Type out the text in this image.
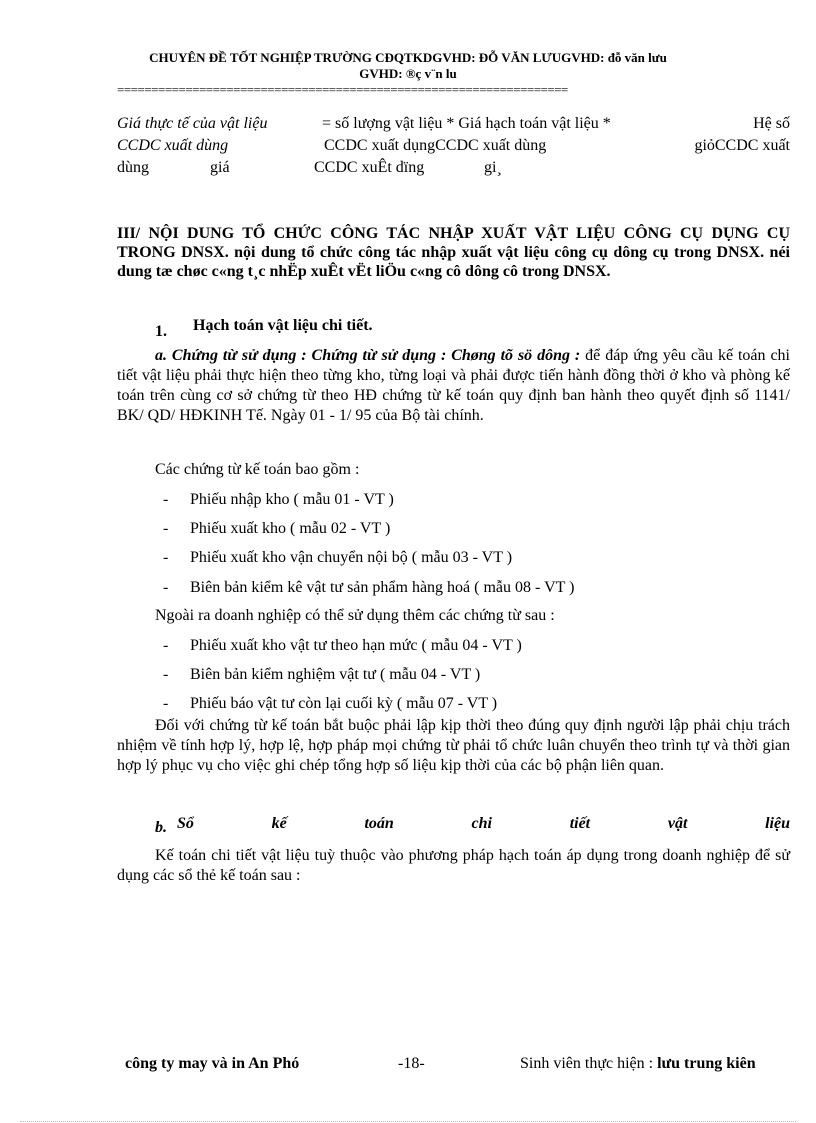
CHUYÊN ĐỀ TỐT NGHIỆP TRƯỜNG CĐQTKDGVHD: ĐỖ VĂN LƯUGVHD: đỗ văn lưu
GVHD: ®ç v¨n lu
==================================================================
Giá thực tế của vật liệu	= số lượng vật liệu * Giá hạch toán vật liệu *	Hệ số
CCDC xuất dùng	CCDC xuất dụngCCDC xuất dùng	giỏCCDC xuất
dùng	giá	CCDC xuÊt dïng	gi¸
III/ NỘI DUNG TỔ CHỨC CÔNG TÁC NHẬP XUẤT VẬT LIỆU CÔNG CỤ DỤNG CỤ TRONG DNSX. nội dung tổ chức công tác nhập xuất vật liệu công cụ dông cụ trong DNSX. néi dung tæ chøc c«ng t¸c nhËp xuÊt vËt liÖu c«ng cô dông cô trong DNSX.
1. Hạch toán vật liệu chi tiết.
a. Chứng từ sử dụng : Chứng từ sử dụng : Chøng tõ sö dông : để đáp ứng yêu cầu kế toán chi tiết vật liệu phải thực hiện theo từng kho, từng loại và phải được tiến hành đồng thời ở kho và phòng kế toán trên cùng cơ sở chứng từ theo HĐ chứng từ kế toán quy định ban hành theo quyết định số 1141/ BK/ QD/ HĐKINH Tế. Ngày 01 - 1/ 95 của Bộ tài chính.
Các chứng từ kế toán bao gồm :
- Phiếu nhập kho ( mẫu 01 - VT )
- Phiếu xuất kho ( mẫu 02 - VT )
- Phiếu xuất kho vận chuyển nội bộ ( mẫu 03 - VT )
- Biên bản kiểm kê vật tư sản phẩm hàng hoá ( mẫu 08 - VT )
Ngoài ra doanh nghiệp có thể sử dụng thêm các chứng từ sau :
- Phiếu xuất kho vật tư theo hạn mức ( mẫu 04 - VT )
- Biên bản kiểm nghiệm vật tư ( mẫu 04 - VT )
- Phiếu báo vật tư còn lại cuối kỳ ( mẫu 07 - VT )
Đối với chứng từ kế toán bắt buộc phải lập kịp thời theo đúng quy định người lập phải chịu trách nhiệm về tính hợp lý, hợp lệ, hợp pháp mọi chứng từ phải tổ chức luân chuyển theo trình tự và thời gian hợp lý phục vụ cho việc ghi chép tổng hợp số liệu kịp thời của các bộ phận liên quan.
b. Sổ	kế	toán	chi	tiết	vật	liệu
Kế toán chi tiết vật liệu tuỳ thuộc vào phương pháp hạch toán áp dụng trong doanh nghiệp để sử dụng các sổ thẻ kế toán sau :
công ty may và in An Phó	-18-	Sinh viên thực hiện : lưu trung kiên
